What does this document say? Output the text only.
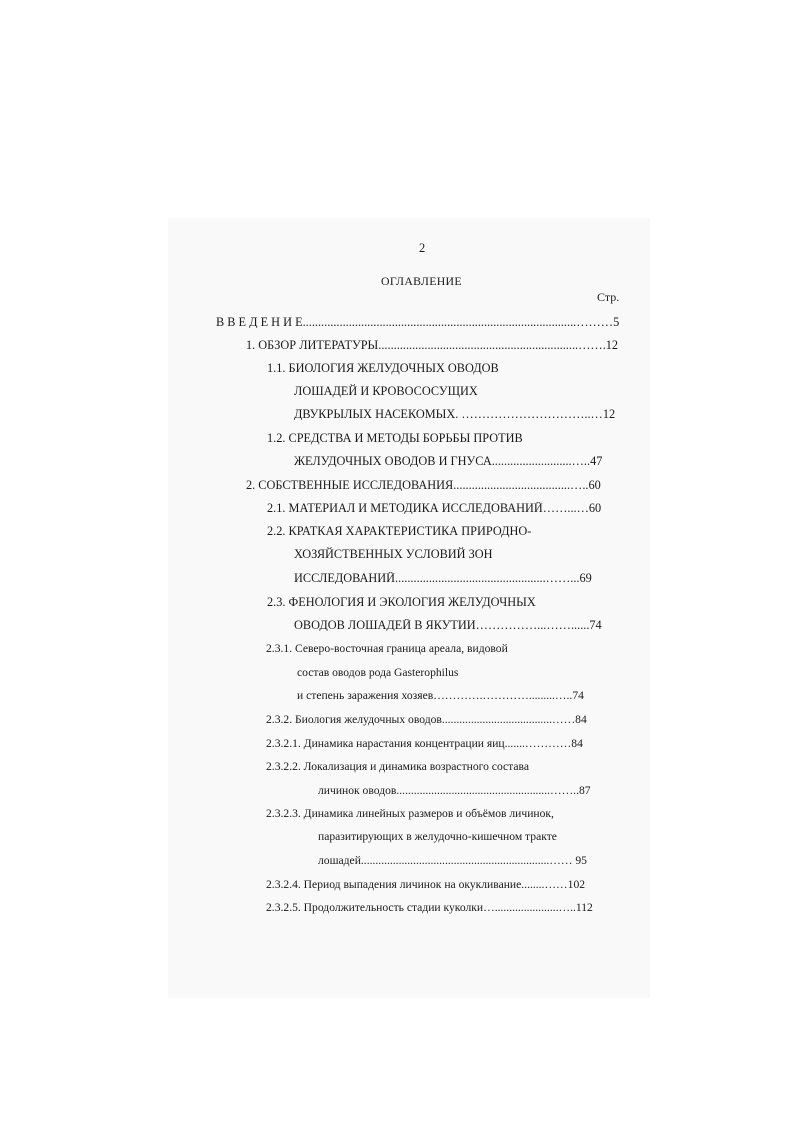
2
ОГЛАВЛЕНИЕ
Стр.
В В Е Д Е Н И Е.........................................................................................………5
1. ОБЗОР ЛИТЕРАТУРЫ.................................................................…….12
1.1. БИОЛОГИЯ ЖЕЛУДОЧНЫХ ОВОДОВ
ЛОШАДЕЙ И КРОВОСОСУЩИХ
ДВУКРЫЛЫХ НАСЕКОМЫХ. …………………………..…12
1.2. СРЕДСТВА И МЕТОДЫ БОРЬБЫ ПРОТИВ
ЖЕЛУДОЧНЫХ ОВОДОВ И ГНУСА..........................…..47
2. СОБСТВЕННЫЕ ИССЛЕДОВАНИЯ......................................…..60
2.1. МАТЕРИАЛ И МЕТОДИКА ИССЛЕДОВАНИЙ……...…60
2.2. КРАТКАЯ ХАРАКТЕРИСТИКА ПРИРОДНО-
ХОЗЯЙСТВЕННЫХ УСЛОВИЙ ЗОН
ИССЛЕДОВАНИЙ.................................................……...69
2.3. ФЕНОЛОГИЯ И ЭКОЛОГИЯ ЖЕЛУДОЧНЫХ
ОВОДОВ ЛОШАДЕЙ В ЯКУТИИ……………...……......74
2.3.1. Северо-восточная граница ареала, видовой
состав оводов рода Gasterophilus
и степень заражения хозяев………….………….........…..74
2.3.2. Биология желудочных оводов......................................……84
2.3.2.1. Динамика нарастания концентрации яиц.......…………84
2.3.2.2. Локализация и динамика возрастного состава
личинок оводов.....................................................……..87
2.3.2.3. Динамика линейных размеров и объёмов личинок,
паразитирующих в желудочно-кишечном тракте
лошадей.................................................................…… 95
2.3.2.4. Период выпадения личинок на окукливание........……102
2.3.2.5. Продолжительность стадии куколки…......................…..112
